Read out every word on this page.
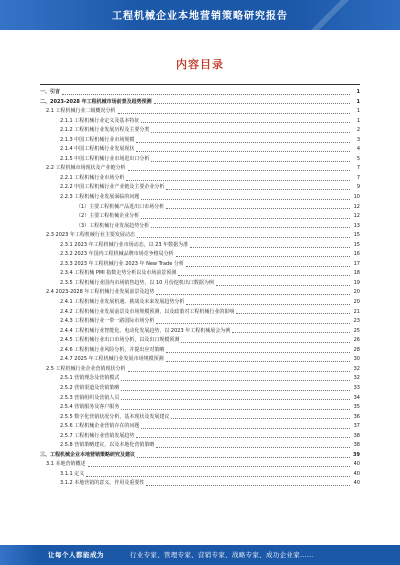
工程机械企业本地营销策略研究报告
内容目录
一、引言	1
二、2023-2028 年工程机械市场前景及趋势预测	1
2.1 工程机械行业二级概况分析	1
2.1.1 工程机械行业定义及基本特征	1
2.1.2 工程机械行业发展历程及主要分类	2
2.1.3 中国工程机械行业市场规模	3
2.1.4 中国工程机械行业发展现状	4
2.1.5 中国工程机械行业市场进出口分析	5
2.2 工程机械市场现状及产业链分析	7
2.2.1 工程机械行业市场分析	7
2.2.2 中国工程机械行业产业链及主要企业分析	9
2.2.3 工程机械行业发展面临的问题	10
（1）主要工程机械产品进出口市场分析	12
（2）主要工程机械企业分析	12
（3）工程机械行业发展趋势分析	13
2.3 2023 年工程机械行业主要发展动态	15
2.3.1 2023 年工程机械行业市场动态，以 23 年数据为准	15
2.3.2 2023 年国内工程机械品牌市场竞争格局分析	16
2.3.3 2023 年工程机械行业 2023 年 New Trade 分析	17
2.3.4 工程机械 PMI 指数走势分析以及市场前景预测	18
2.3.5 工程机械行业国内市场销售趋势，以 10 月份挖机出口数据为例	19
2.4 2023-2028 年工程机械行业发展前景及趋势	20
2.4.1 工程机械行业发展机遇、挑战及未来发展趋势分析	20
2.4.2 工程机械行业发展前景及市场规模预测，以及政策对工程机械行业的影响	21
2.4.3 工程机械行业一带一路国际市场分析	23
2.4.4 工程机械行业智能化、电动化发展趋势，以 2023 年工程机械展会为例	25
2.4.5 工程机械行业出口市场分析，以及出口规模预测	26
2.4.6 工程机械行业风险分析，并提出应对策略	28
2.4.7 2025 年工程机械行业发展市场规模预测	30
2.5 工程机械行业企业营销现状分析	32
2.5.1 营销理念及营销模式	32
2.5.2 营销渠道及营销策略	33
2.5.3 营销组织及营销人员	34
2.5.4 营销服务及客户服务	35
2.5.5 数字化营销状况分析，基本现状及发展建议	36
2.5.6 工程机械企业营销存在的问题	37
2.5.7 工程机械行业营销发展趋势	38
2.5.8 营销策略建议，以及本地化营销策略	38
三、工程机械企业本地营销策略研究及建议	39
3.1 本地营销概述	40
3.1.1 定义	40
3.1.2 本地营销的意义、作用及重要性	40
让每个人都能成为	行业专家、管理专家、营销专家、战略专家、成功企业家……
